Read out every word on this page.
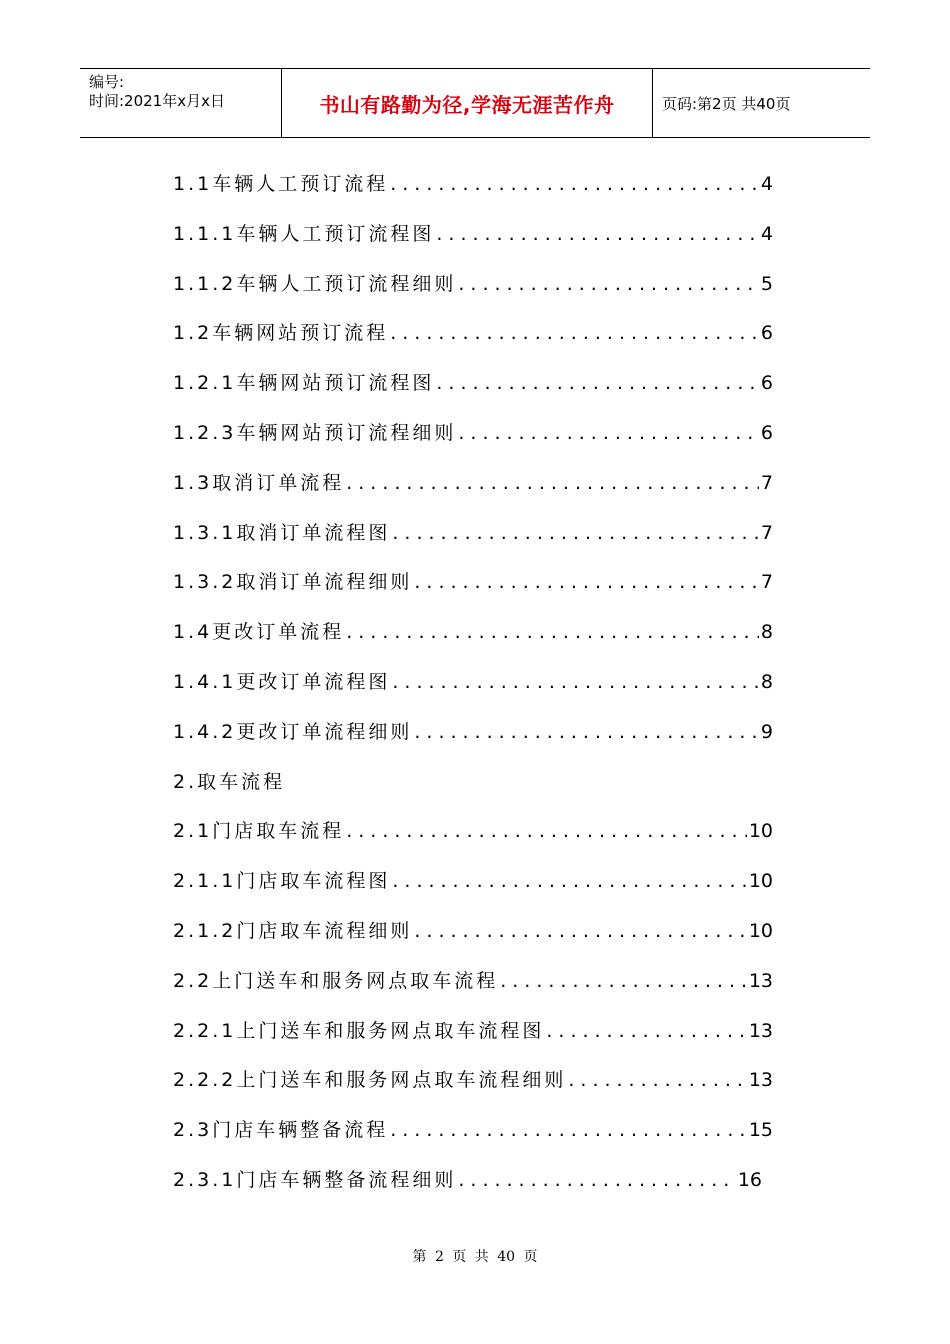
编号:
时间:2021年x月x日	书山有路勤为径,学海无涯苦作舟	页码:第2页 共40页
1.1车辆人工预订流程 .....	4
1.1.1车辆人工预订流程图 .....	4
1.1.2车辆人工预订流程细则 .....	5
1.2车辆网站预订流程 .....	6
1.2.1车辆网站预订流程图 .....	6
1.2.3车辆网站预订流程细则 .....	6
1.3取消订单流程 .....	7
1.3.1取消订单流程图 .....	7
1.3.2取消订单流程细则 .....	7
1.4更改订单流程 .....	8
1.4.1更改订单流程图 .....	8
1.4.2更改订单流程细则 .....	9
2.取车流程
2.1门店取车流程 .....	10
2.1.1门店取车流程图 .....	10
2.1.2门店取车流程细则 .....	10
2.2上门送车和服务网点取车流程 .....	13
2.2.1上门送车和服务网点取车流程图 .....	13
2.2.2上门送车和服务网点取车流程细则 .....	13
2.3门店车辆整备流程 .....	15
2.3.1门店车辆整备流程细则 .....	16
第 2 页 共 40 页
